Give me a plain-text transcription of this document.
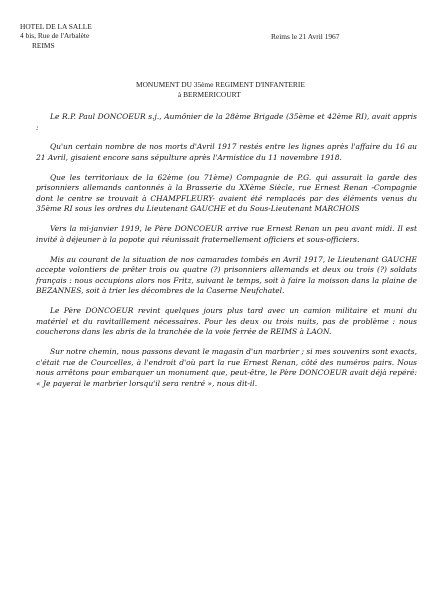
HOTEL DE LA SALLE
4 bis, Rue de l'Arbalète
REIMS
Reims le 21 Avril 1967
MONUMENT DU 35ème REGIMENT D'INFANTERIE
à BERMERICOURT

Le R.P. Paul DONCOEUR s.j., Aumônier de la 28ème Brigade (35ème et 42ème RI), avait appris :

Qu'un certain nombre de nos morts d'Avril 1917 restés entre les lignes après l'affaire du 16 au 21 Avril, gisaient encore sans sépulture après l'Armistice du 11 novembre 1918.

Que les territoriaux de la 62ème (ou 71ème) Compagnie de P.G. qui assurait la garde des prisonniers allemands cantonnés à la Brasserie du XXème Siècle, rue Ernest Renan -Compagnie dont le centre se trouvait à CHAMPFLEURY- avaient été remplacés par des éléments venus du 35ème RI sous les ordres du Lieutenant GAUCHE et du Sous-Lieutenant MARCHOIS

Vers la mi-janvier 1919, le Père DONCOEUR arrive rue Ernest Renan un peu avant midi. Il est invité à déjeuner à la popote qui réunissait fraternellement officiers et sous-officiers.

Mis au courant de la situation de nos camarades tombés en Avril 1917, le Lieutenant GAUCHE accepte volontiers de prêter trois ou quatre (?) prisonniers allemands et deux ou trois (?) soldats français : nous occupions alors nos Fritz, suivant le temps, soit à faire la moisson dans la plaine de BEZANNES, soit à trier les décombres de la Caserne Neufchatel.

Le Père DONCOEUR revint quelques jours plus tard avec un camion militaire et muni du matériel et du ravitaillement nécessaires. Pour les deux ou trois nuits, pas de problème : nous coucherons dans les abris de la tranchée de la voie ferrée de REIMS à LAON.

Sur notre chemin, nous passons devant le magasin d'un marbrier ; si mes souvenirs sont exacts, c'était rue de Courcelles, à l'endroit d'où part la rue Ernest Renan, côté des numéros pairs. Nous nous arrêtons pour embarquer un monument que, peut-être, le Père DONCOEUR avait déjà repéré: « Je payerai le marbrier lorsqu'il sera rentré », nous dit-il.
